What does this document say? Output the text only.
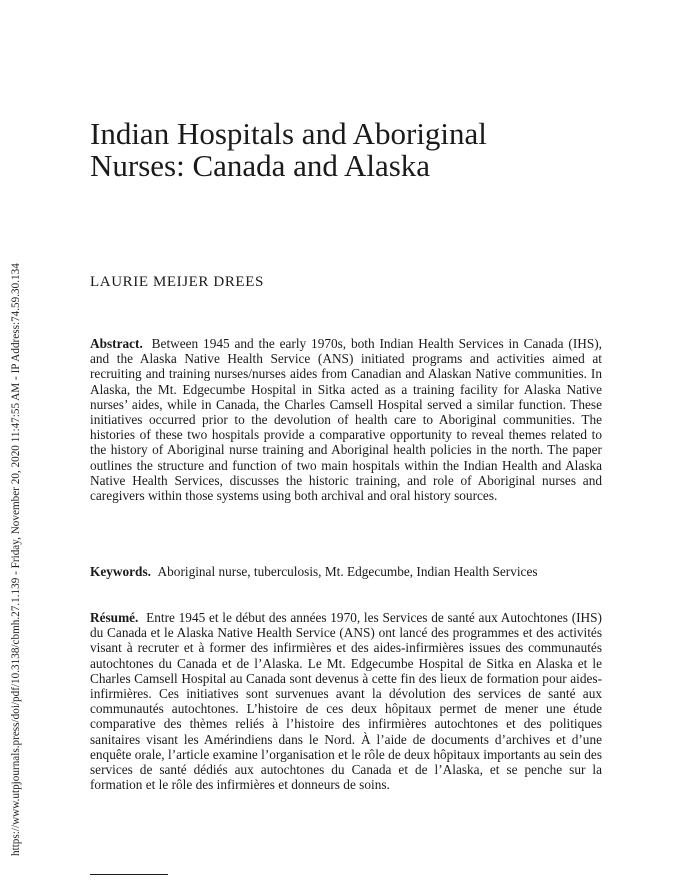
https://www.utpjournals.press/doi/pdf/10.3138/cbmh.27.1.139 - Friday, November 20, 2020 11:47:55 AM - IP Address:74.59.30.134
Indian Hospitals and Aboriginal
Nurses: Canada and Alaska

LAURIE MEIJER DREES

Abstract. Between 1945 and the early 1970s, both Indian Health Services in Canada (IHS), and the Alaska Native Health Service (ANS) initiated programs and activities aimed at recruiting and training nurses/nurses aides from Canadian and Alaskan Native communities. In Alaska, the Mt. Edgecumbe Hospital in Sitka acted as a training facility for Alaska Native nurses’ aides, while in Canada, the Charles Camsell Hospital served a similar function. These initiatives occurred prior to the devolution of health care to Aboriginal communities. The histories of these two hospitals provide a comparative opportunity to reveal themes related to the history of Aboriginal nurse training and Aboriginal health policies in the north. The paper outlines the structure and function of two main hospitals within the Indian Health and Alaska Native Health Services, discusses the historic training, and role of Aboriginal nurses and caregivers within those systems using both archival and oral history sources.

Keywords. Aboriginal nurse, tuberculosis, Mt. Edgecumbe, Indian Health Services

Résumé. Entre 1945 et le début des années 1970, les Services de santé aux Autochtones (IHS) du Canada et le Alaska Native Health Service (ANS) ont lancé des programmes et des activités visant à recruter et à former des infirmières et des aides-infirmières issues des communautés autochtones du Canada et de l’Alaska. Le Mt. Edgecumbe Hospital de Sitka en Alaska et le Charles Camsell Hospital au Canada sont devenus à cette fin des lieux de formation pour aides-infirmières. Ces initiatives sont survenues avant la dévolution des services de santé aux communautés autochtones. L’histoire de ces deux hôpitaux permet de mener une étude comparative des thèmes reliés à l’histoire des infirmières autochtones et des politiques sanitaires visant les Amérindiens dans le Nord. À l’aide de documents d’archives et d’une enquête orale, l’article examine l’organisation et le rôle de deux hôpitaux importants au sein des services de santé dédiés aux autochtones du Canada et de l’Alaska, et se penche sur la formation et le rôle des infirmières et donneurs de soins.
